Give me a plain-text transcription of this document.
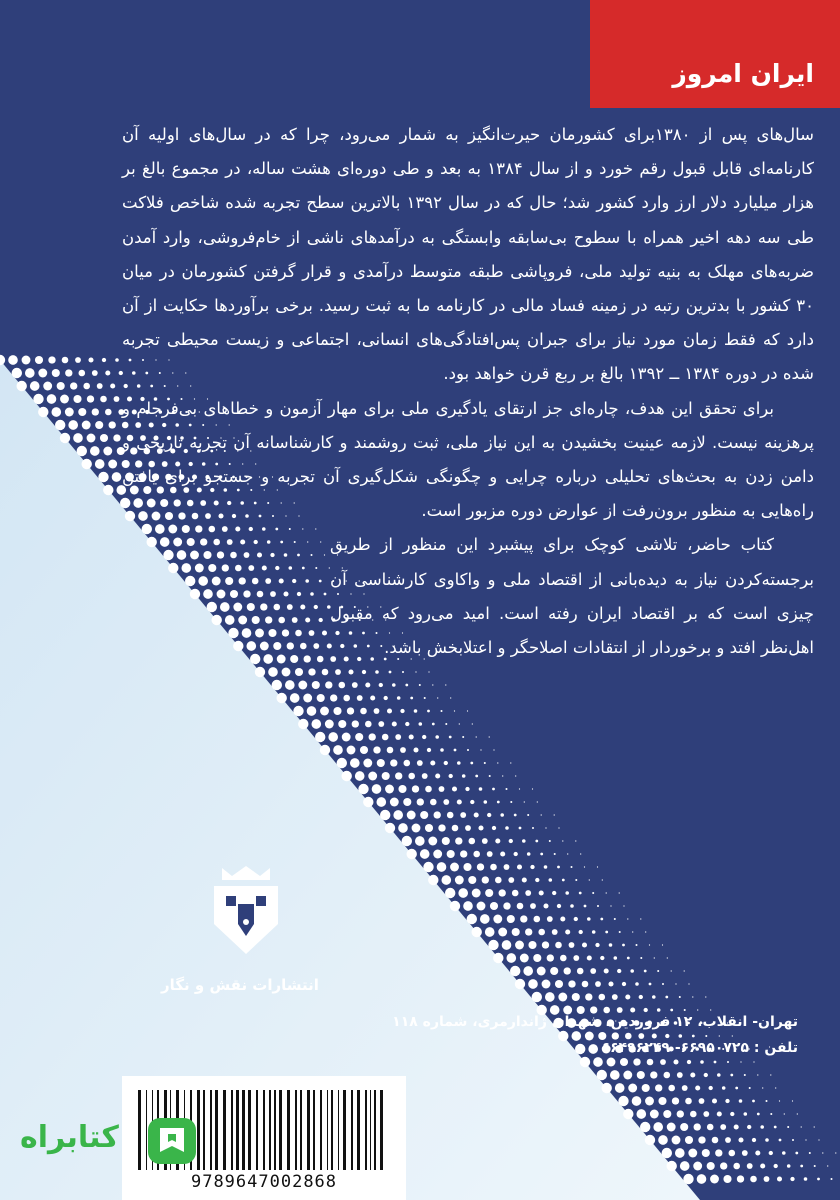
ایران امروز

سال‌های پس از ۱۳۸۰برای کشورمان حیرت‌انگیز به شمار می‌رود، چرا که در سال‌های اولیه آن کارنامه‌ای قابل قبول رقم خورد و از سال ۱۳۸۴ به بعد و طی دوره‌ای هشت ساله، در مجموع بالغ بر هزار میلیارد دلار ارز وارد کشور شد؛ حال که در سال ۱۳۹۲ بالاترین سطح تجربه شده شاخص فلاکت طی سه دهه اخیر همراه با سطوح بی‌سابقه وابستگی به درآمدهای ناشی از خام‌فروشی، وارد آمدن ضربه‌های مهلک به بنیه تولید ملی، فروپاشی طبقه متوسط درآمدی و قرار گرفتن کشورمان در میان ۳۰ کشور با بدترین رتبه در زمینه فساد مالی در کارنامه ما به ثبت رسید. برخی برآوردها حکایت از آن دارد که فقط زمان مورد نیاز برای جبران پس‌افتادگی‌های انسانی، اجتماعی و زیست محیطی تجربه شده در دوره ۱۳۸۴ ــ ۱۳۹۲ بالغ بر ربع قرن خواهد بود.

برای تحقق این هدف، چاره‌ای جز ارتقای یادگیری ملی برای مهار آزمون و خطاهای بی‌فرجام و پرهزینه نیست. لازمه عینیت بخشیدن به این نیاز ملی، ثبت روشمند و کارشناسانه آن تجربه تاریخی و دامن زدن به بحث‌های تحلیلی درباره چرایی و چگونگی شکل‌گیری آن تجربه و جستجو برای یافتن راه‌هایی به منظور برون‌رفت از عوارض دوره مزبور است.

کتاب حاضر، تلاشی کوچک برای پیشبرد این منظور از طریق برجسته‌کردن نیاز به دیده‌بانی از اقتصاد ملی و واکاوی کارشناسی آن چیزی است که بر اقتصاد ایران رفته است. امید می‌رود که مقبول اهل‌نظر افتد و برخوردار از انتقادات اصلاحگر و اعتلابخش باشد.

انتشارات نقش و نگار
تهران- انقلاب، ۱۲ فروردین، شهدای ژاندارمری، شماره ۱۱۸
تلفن : ۶۶۹۵۰۷۲۵- ۶۶۴۹۶۲۴۹
9789647002868
کتابراه
